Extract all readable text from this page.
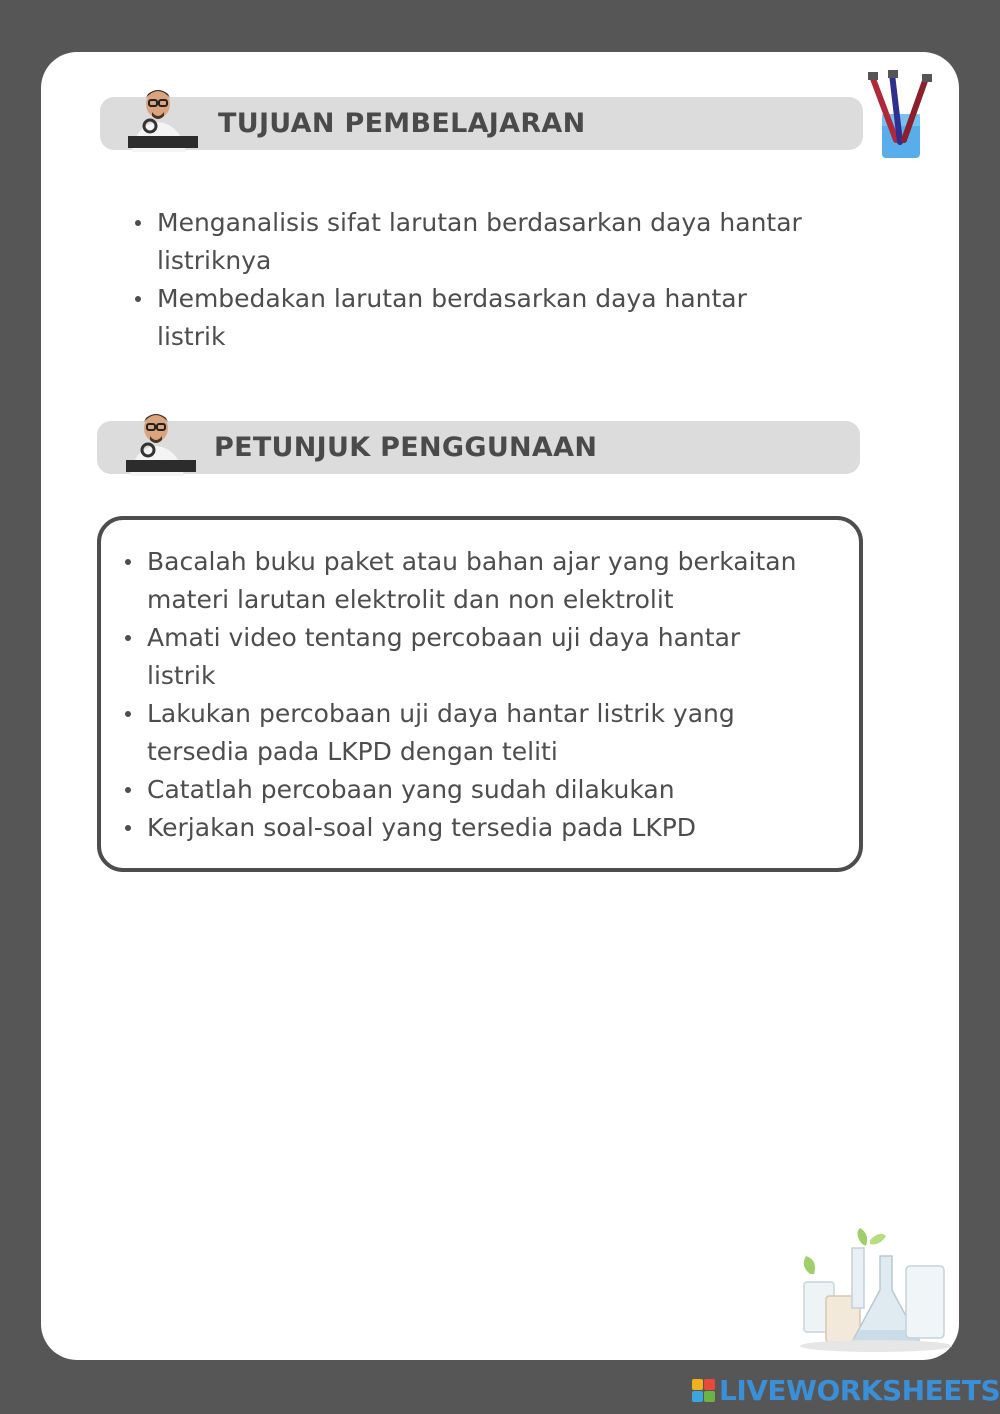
TUJUAN PEMBELAJARAN
Menganalisis sifat larutan berdasarkan daya hantar
listriknya
Membedakan larutan berdasarkan daya hantar
listrik
PETUNJUK PENGGUNAAN
Bacalah buku paket atau bahan ajar yang berkaitan
materi larutan elektrolit dan non elektrolit
Amati video tentang percobaan uji daya hantar
listrik
Lakukan percobaan uji daya hantar listrik yang
tersedia pada LKPD dengan teliti
Catatlah percobaan yang sudah dilakukan
Kerjakan soal-soal yang tersedia pada LKPD
LIVEWORKSHEETS
